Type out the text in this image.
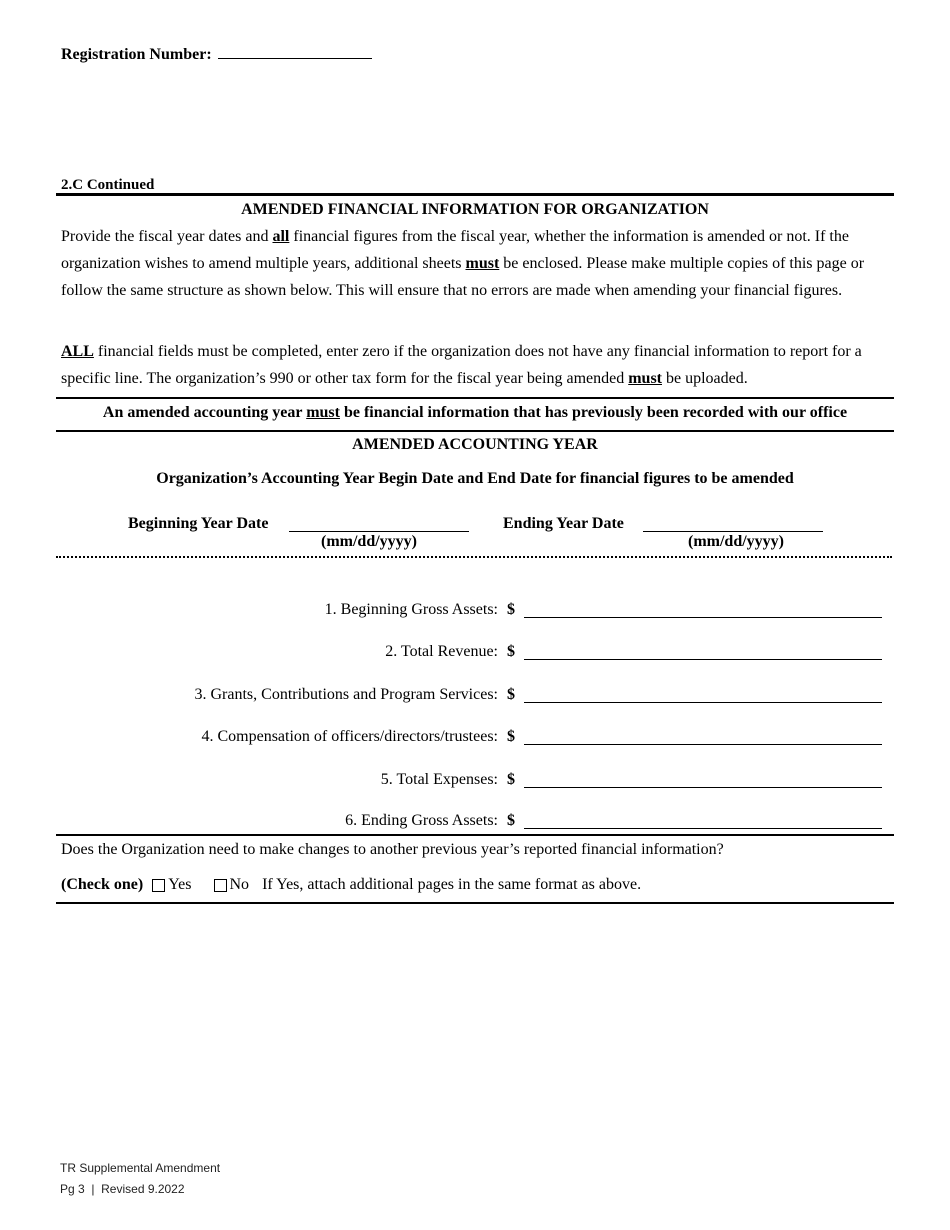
Registration Number:
2.C Continued
AMENDED FINANCIAL INFORMATION FOR ORGANIZATION
Provide the fiscal year dates and all financial figures from the fiscal year, whether the information is amended or not. If the organization wishes to amend multiple years, additional sheets must be enclosed. Please make multiple copies of this page or follow the same structure as shown below. This will ensure that no errors are made when amending your financial figures.
ALL financial fields must be completed, enter zero if the organization does not have any financial information to report for a specific line. The organization’s 990 or other tax form for the fiscal year being amended must be uploaded.
An amended accounting year must be financial information that has previously been recorded with our office
AMENDED ACCOUNTING YEAR
Organization’s Accounting Year Begin Date and End Date for financial figures to be amended
Beginning Year Date
(mm/dd/yyyy)
Ending Year Date
(mm/dd/yyyy)
1. Beginning Gross Assets: $
2. Total Revenue: $
3. Grants, Contributions and Program Services: $
4. Compensation of officers/directors/trustees: $
5. Total Expenses: $
6. Ending Gross Assets: $
Does the Organization need to make changes to another previous year’s reported financial information?
(Check one) Yes No If Yes, attach additional pages in the same format as above.
TR Supplemental Amendment
Pg 3  |  Revised 9.2022
